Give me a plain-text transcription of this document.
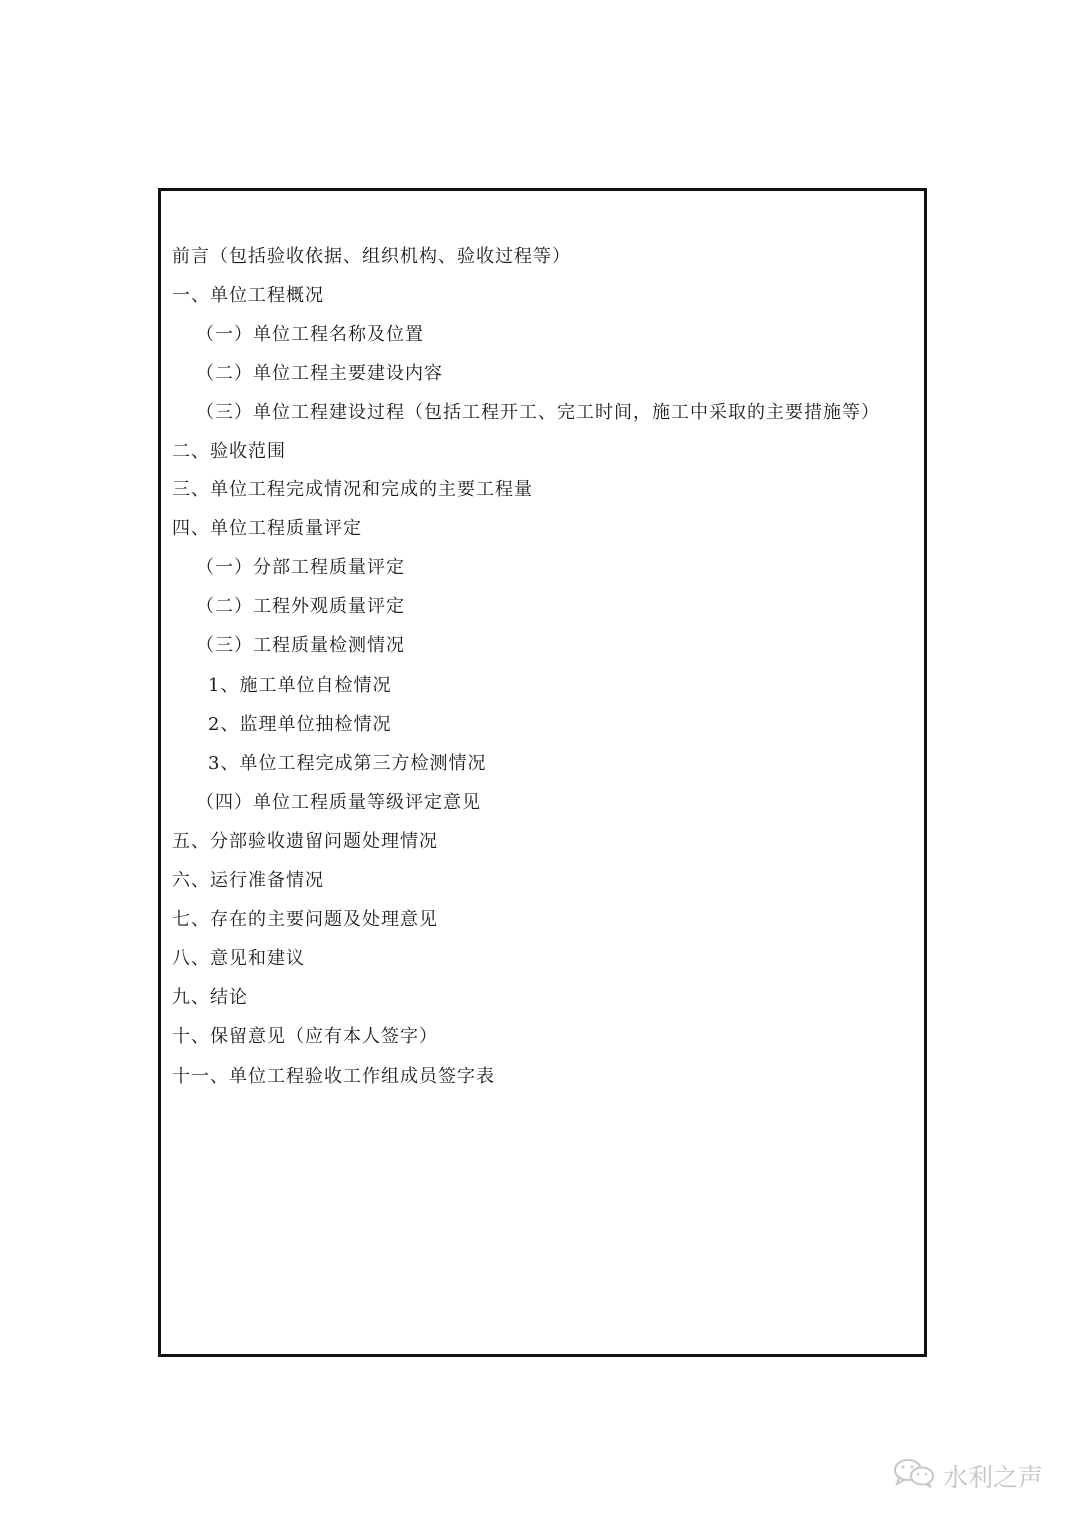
前言（包括验收依据、组织机构、验收过程等）
一、单位工程概况
（一）单位工程名称及位置
（二）单位工程主要建设内容
（三）单位工程建设过程（包括工程开工、完工时间，施工中采取的主要措施等）
二、验收范围
三、单位工程完成情况和完成的主要工程量
四、单位工程质量评定
（一）分部工程质量评定
（二）工程外观质量评定
（三）工程质量检测情况
1、施工单位自检情况
2、监理单位抽检情况
3、单位工程完成第三方检测情况
（四）单位工程质量等级评定意见
五、分部验收遗留问题处理情况
六、运行准备情况
七、存在的主要问题及处理意见
八、意见和建议
九、结论
十、保留意见（应有本人签字）
十一、单位工程验收工作组成员签字表
水利之声
